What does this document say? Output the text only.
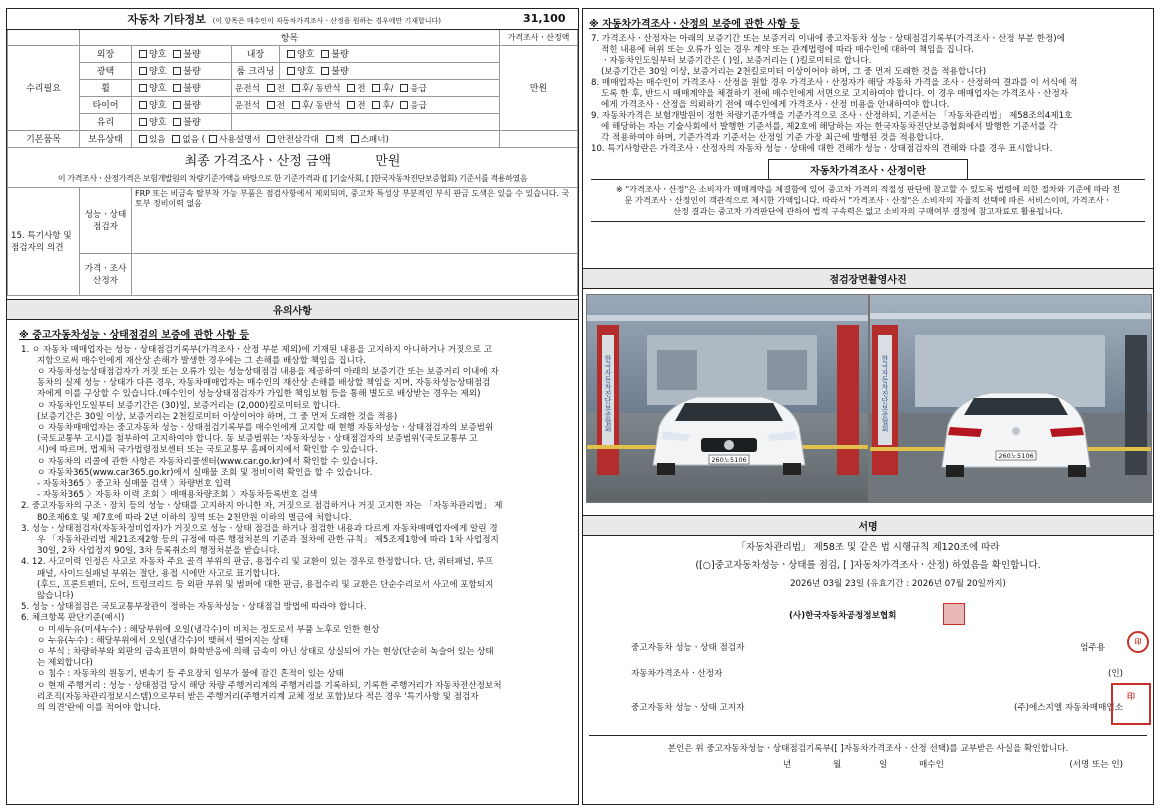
자동차 기타정보 (이 항목은 매수인이 자동차가격조사ㆍ산정을 원하는 경우에만 기재합니다)					31,100
	항목				가격조사ㆍ산정액
수리필요	외장	양호 불량	내장	양호 불량	만원
	광택	양호 불량	룸 크리닝	양호 불량	
	휠	양호 불량	운전석 전 후/ 동반석 전 후/ 응급		
	타이어	양호 불량	운전석 전 후/ 동반석 전 후/ 응급		
	유리	양호 불량			
기본품목	보유상태	있음 없음 ( 사용설명서 안전삼각대 잭 스패너)			
최종 가격조사ㆍ산정 금액 만원					
이 가격조사ㆍ산정가격은 보험개발원의 차량기준가액을 바탕으로 한 기준가격과 ([ ]기술사회, [ ]한국자동차진단보증협회) 기준서를 적용하였음					
15. 특기사항 및 점검자의 의견	성능ㆍ상태 점검자	FRP 또는 비금속 탈부착 가능 부품은 점검사항에서 제외되며, 중고차 특성상 부분적인 부식 판금 도색은 있을 수 있습니다. 국토부 정비이력 없음			
	가격ㆍ조사 산정자				
유의사항
※ 중고자동차성능ㆍ상태점검의 보증에 관한 사항 등
1. ㅇ 자동차 매매업자는 성능ㆍ상태점검기록부(가격조사ㆍ산정 부분 제외)에 기재된 내용을 고지하지 아니하거나 거짓으로 고
지함으로써 매수인에게 재산상 손해가 발생한 경우에는 그 손해를 배상할 책임을 집니다.
ㅇ 자동차성능상태점검자가 거짓 또는 오류가 있는 성능상태점검 내용을 제공하여 아래의 보증기간 또는 보증거리 이내에 자
동차의 실제 성능ㆍ상태가 다른 경우, 자동차매매업자는 매수인의 재산상 손해를 배상할 책임을 지며, 자동차성능상태점검
자에게 이를 구상할 수 있습니다.(매수인이 성능상태점검자가 가입한 책임보험 등을 통해 별도로 배상받는 경우는 제외)
ㅇ 자동차인도일부터 보증기간은 (30)일, 보증거리는 (2,000)킬로미터로 합니다.
(보증기간은 30일 이상, 보증거리는 2천킬로미터 이상이어야 하며, 그 중 먼저 도래한 것을 적용)
ㅇ 자동차매매업자는 중고자동차 성능ㆍ상태점검기록부를 매수인에게 고지할 때 현행 자동차성능ㆍ상태점검자의 보증범위
(국토교통부 고시)를 첨부하여 고지하여야 합니다. 동 보증범위는 '자동차성능ㆍ상태점검자의 보증범위'(국토교통부 고
시)에 따르며, 법제처 국가법령정보센터 또는 국토교통부 홈페이지에서 확인할 수 있습니다.
ㅇ 자동차의 리콜에 관한 사항은 자동차리콜센터(www.car.go.kr)에서 확인할 수 있습니다.
ㅇ 자동차365(www.car365.go.kr)에서 실매물 조회 및 정비이력 확인을 할 수 있습니다.
- 자동차365 〉중고차 실매물 검색 〉차량번호 입력
- 자동차365 〉자동차 이력 조회 〉매매용차량조회 〉자동차등록번호 검색
2. 중고자동차의 구조ㆍ장치 등의 성능ㆍ상태를 고지하지 아니한 자, 거짓으로 점검하거나 거짓 고지한 자는 「자동차관리법」 제
80조제6호 및 제7호에 따라 2년 이하의 징역 또는 2천만원 이하의 벌금에 처합니다.
3. 성능ㆍ상태점검자(자동차정비업자)가 거짓으로 성능ㆍ상태 점검을 하거나 점검한 내용과 다르게 자동차매매업자에게 알린 경
우 「자동차관리법 제21조제2항 등의 규정에 따른 행정처분의 기준과 절차에 관한 규칙」 제5조제1항에 따라 1차 사업정지
30일, 2차 사업정지 90일, 3차 등록취소의 행정처분을 받습니다.
4. 12. 사고이력 인정은 사고로 자동차 주요 골격 부위의 판금, 용접수리 및 교환이 있는 경우로 한정합니다. 단, 쿼터패널, 루프
패널, 사이드실패널 부위는 절단, 용접 시에만 사고로 표기합니다.
(후드, 프론트펜더, 도어, 트렁크리드 등 외판 부위 및 범퍼에 대한 판금, 용접수리 및 교환은 단순수리로서 사고에 포함되지
않습니다)
5. 성능ㆍ상태점검은 국토교통부장관이 정하는 자동차성능ㆍ상태점검 방법에 따라야 합니다.
6. 체크항목 판단기준(예시)
ㅇ 미세누유(미세누수) : 해당부위에 오일(냉각수)이 비치는 정도로서 부품 노후로 인한 현상
ㅇ 누유(누수) : 해당부위에서 오일(냉각수)이 맺혀서 떨어지는 상태
ㅇ 부식 : 차량하부와 외판의 금속표면이 화학반응에 의해 금속이 아닌 상태로 상실되어 가는 현상(단순히 녹슬어 있는 상태
는 제외합니다)
ㅇ 침수 : 자동차의 원동기, 변속기 등 주요장치 일부가 물에 잠긴 흔적이 있는 상태
ㅇ 현재 주행거리 : 성능ㆍ상태점검 당시 해당 차량 주행거리계의 주행거리를 기록하되, 기록한 주행거리가 자동차전산정보처
리조직(자동차관리정보시스템)으로부터 받은 주행거리(주행거리계 교체 정보 포함)보다 적은 경우 '특기사항 및 점검자
의 의견'란에 이를 적어야 합니다.
※ 자동차가격조사ㆍ산정의 보증에 관한 사항 등
7. 가격조사ㆍ산정자는 아래의 보증기간 또는 보증거리 이내에 중고자동차 성능ㆍ상태점검기록부(가격조사ㆍ산정 부분 한정)에
적힌 내용에 허위 또는 오류가 있는 경우 계약 또는 관계법령에 따라 매수인에 대하여 책임을 집니다.
ㆍ자동차인도일부터 보증기간은 ( )일, 보증거리는 ( )킬로미터로 합니다.
(보증기간은 30일 이상, 보증거리는 2천킬로미터 이상이어야 하며, 그 중 먼저 도래한 것을 적용합니다)
8. 매매업자는 매수인이 가격조사ㆍ산정을 원할 경우 가격조사ㆍ산정자가 해당 자동차 가격을 조사ㆍ산정하여 결과를 이 서식에 적
도록 한 후, 반드시 매매계약을 체결하기 전에 매수인에게 서면으로 고지하여야 합니다. 이 경우 매매업자는 가격조사ㆍ산정자
에게 가격조사ㆍ산정을 의뢰하기 전에 매수인에게 가격조사ㆍ산정 비용을 안내하여야 합니다.
9. 자동차가격은 보험개발원이 정한 차량기준가액을 기준가격으로 조사ㆍ산정하되, 기준서는 「자동차관리법」 제58조의4제1호
에 해당하는 자는 기술사회에서 발행한 기준서를, 제2호에 해당하는 자는 한국자동차진단보증협회에서 발행한 기준서를 각
각 적용하여야 하며, 기준가격과 기준서는 산정일 기준 가장 최근에 발행된 것을 적용합니다.
10. 특기사항란은 가격조사ㆍ산정자의 자동차 성능ㆍ상태에 대한 견해가 성능ㆍ상태점검자의 견해와 다를 경우 표시합니다.
자동차가격조사ㆍ산정이란
※ "가격조사ㆍ산정"은 소비자가 매매계약을 체결함에 있어 중고차 가격의 적절성 판단에 참고할 수 있도록 법령에 의한 절차와 기준에 따라 전
문 가격조사ㆍ산정인이 객관적으로 제시한 가액입니다. 따라서 "가격조사ㆍ산정"은 소비자의 자율적 선택에 따른 서비스이며, 가격조사ㆍ
산정 결과는 중고차 가격판단에 관하여 법적 구속력은 없고 소비자의 구매여부 결정에 참고자료로 활용됩니다.
점검장면촬영사진
한국자동차진단보증협회
260노5106
한국자동차진단보증협회
260노5106
서명
「자동차관리법」 제58조 및 같은 법 시행규칙 제120조에 따라
([○]중고자동차성능ㆍ상태를 점검, [ ]자동차가격조사ㆍ산정) 하였음을 확인합니다.
2026년 03월 23일 (유효기간 : 2026년 07월 20일까지)
(사)한국자동차공정정보협회
중고자동차 성능ㆍ상태 점검자	엄주용
印
자동차가격조사ㆍ산정자	(인)
중고자동차 성능ㆍ상태 고지자	(주)에스지엘 자동차매매업소
印
본인은 위 중고자동차성능ㆍ상태점검기록부([ ]자동차가격조사ㆍ산정 선택)를 교부받은 사실을 확인합니다.
년	월	일	매수인	(서명 또는 인)
